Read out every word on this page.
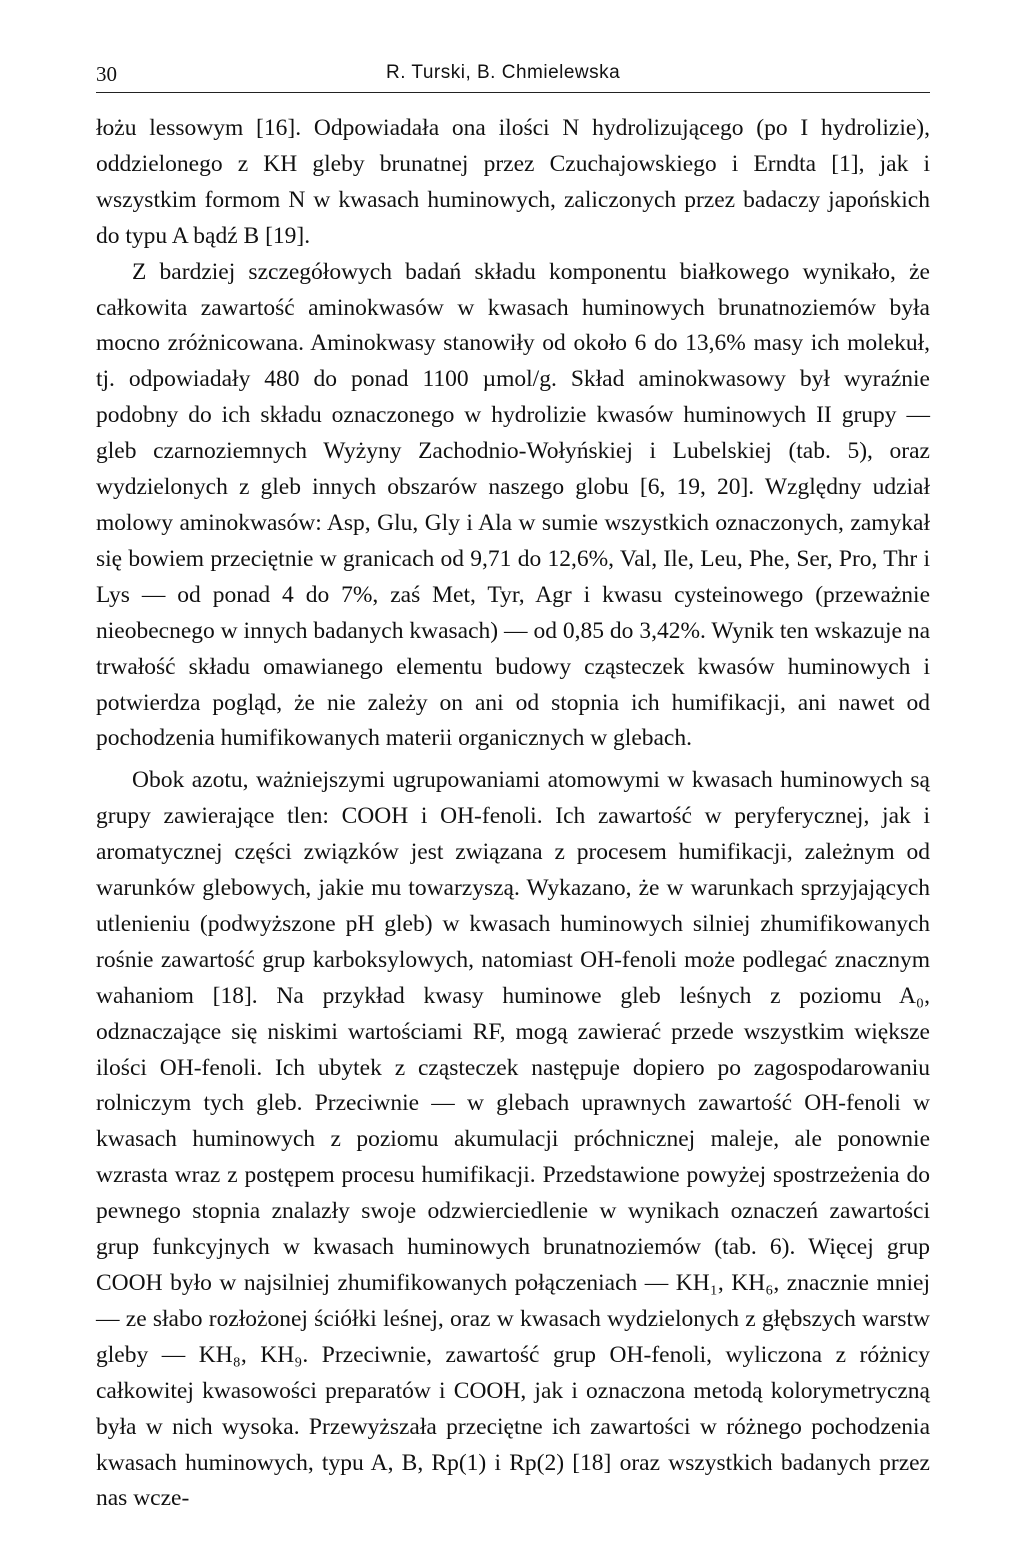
30	R. Turski, B. Chmielewska

łożu lessowym [16]. Odpowiadała ona ilości N hydrolizującego (po I hydrolizie), oddzielonego z KH gleby brunatnej przez Czuchajowskiego i Erndta [1], jak i wszystkim formom N w kwasach huminowych, zaliczonych przez badaczy japońskich do typu A bądź B [19].

Z bardziej szczegółowych badań składu komponentu białkowego wynikało, że całkowita zawartość aminokwasów w kwasach huminowych brunatnoziemów była mocno zróżnicowana. Aminokwasy stanowiły od około 6 do 13,6% masy ich molekuł, tj. odpowiadały 480 do ponad 1100 µmol/g. Skład aminokwasowy był wyraźnie podobny do ich składu oznaczonego w hydrolizie kwasów huminowych II grupy — gleb czarnoziemnych Wyżyny Zachodnio-Wołyńskiej i Lubelskiej (tab. 5), oraz wydzielonych z gleb innych obszarów naszego globu [6, 19, 20]. Względny udział molowy aminokwasów: Asp, Glu, Gly i Ala w sumie wszystkich oznaczonych, zamykał się bowiem przeciętnie w granicach od 9,71 do 12,6%, Val, Ile, Leu, Phe, Ser, Pro, Thr i Lys — od ponad 4 do 7%, zaś Met, Tyr, Agr i kwasu cysteinowego (przeważnie nieobecnego w innych badanych kwasach) — od 0,85 do 3,42%. Wynik ten wskazuje na trwałość składu omawianego elementu budowy cząsteczek kwasów huminowych i potwierdza pogląd, że nie zależy on ani od stopnia ich humifikacji, ani nawet od pochodzenia humifikowanych materii organicznych w glebach.

Obok azotu, ważniejszymi ugrupowaniami atomowymi w kwasach huminowych są grupy zawierające tlen: COOH i OH-fenoli. Ich zawartość w peryferycznej, jak i aromatycznej części związków jest związana z procesem humifikacji, zależnym od warunków glebowych, jakie mu towarzyszą. Wykazano, że w warunkach sprzyjających utlenieniu (podwyższone pH gleb) w kwasach huminowych silniej zhumifikowanych rośnie zawartość grup karboksylowych, natomiast OH-fenoli może podlegać znacznym wahaniom [18]. Na przykład kwasy huminowe gleb leśnych z poziomu A₀, odznaczające się niskimi wartościami RF, mogą zawierać przede wszystkim większe ilości OH-fenoli. Ich ubytek z cząsteczek następuje dopiero po zagospodarowaniu rolniczym tych gleb. Przeciwnie — w glebach uprawnych zawartość OH-fenoli w kwasach huminowych z poziomu akumulacji próchnicznej maleje, ale ponownie wzrasta wraz z postępem procesu humifikacji. Przedstawione powyżej spostrzeżenia do pewnego stopnia znalazły swoje odzwierciedlenie w wynikach oznaczeń zawartości grup funkcyjnych w kwasach huminowych brunatnoziemów (tab. 6). Więcej grup COOH było w najsilniej zhumifikowanych połączeniach — KH₁, KH₆, znacznie mniej — ze słabo rozłożonej ściółki leśnej, oraz w kwasach wydzielonych z głębszych warstw gleby — KH₈, KH₉. Przeciwnie, zawartość grup OH-fenoli, wyliczona z różnicy całkowitej kwasowości preparatów i COOH, jak i oznaczona metodą kolorymetryczną była w nich wysoka. Przewyższała przeciętne ich zawartości w różnego pochodzenia kwasach huminowych, typu A, B, Rp(1) i Rp(2) [18] oraz wszystkich badanych przez nas wcze-
